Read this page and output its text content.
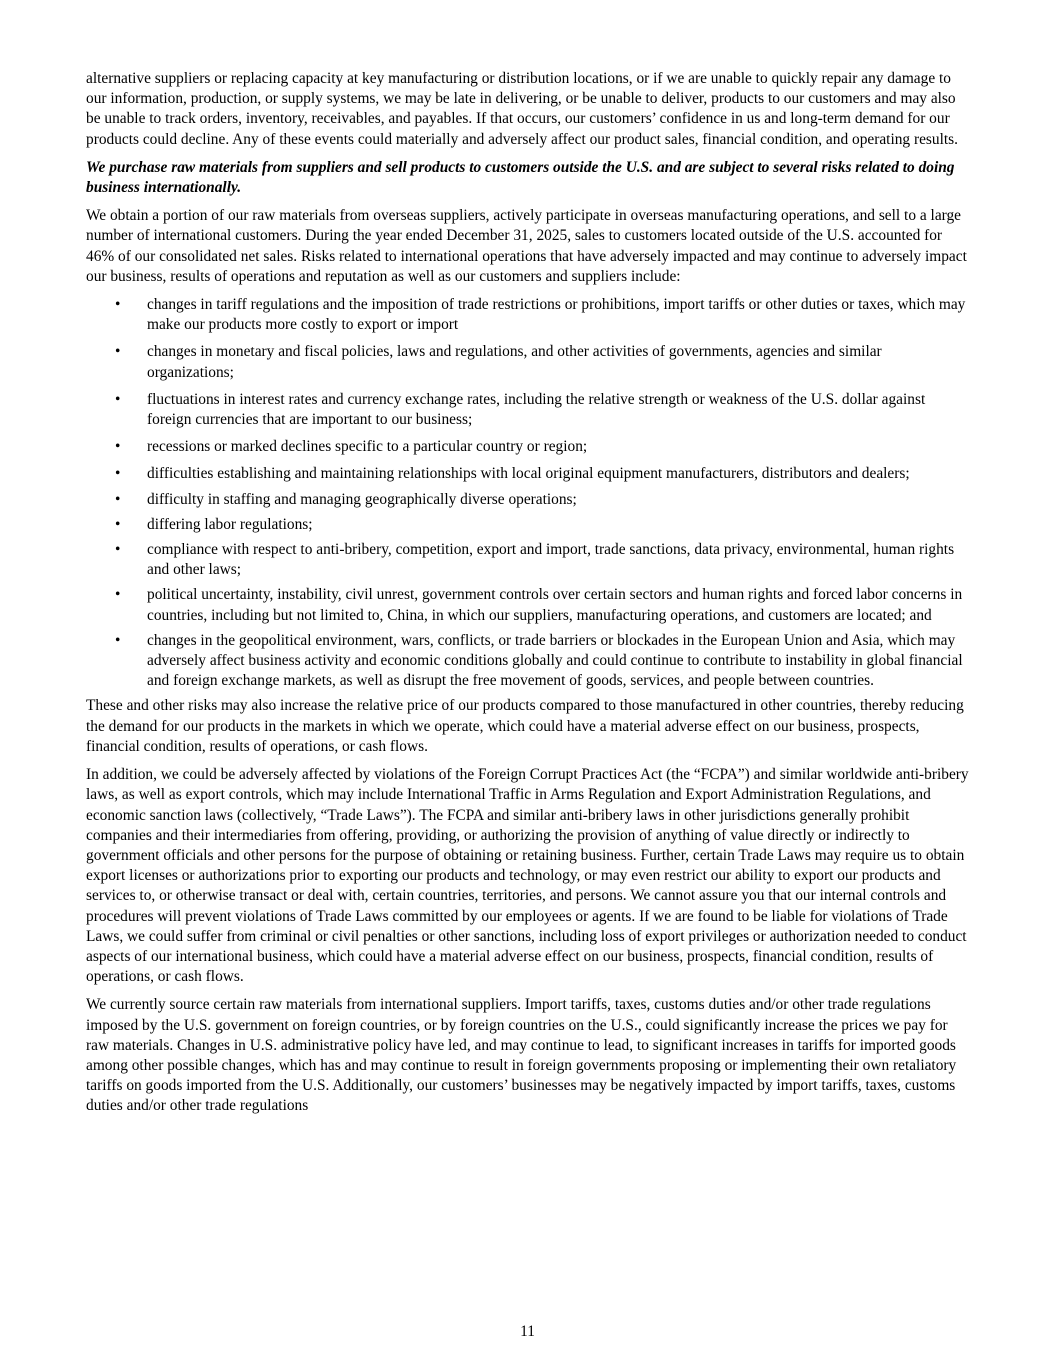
alternative suppliers or replacing capacity at key manufacturing or distribution locations, or if we are unable to quickly repair any damage to our information, production, or supply systems, we may be late in delivering, or be unable to deliver, products to our customers and may also be unable to track orders, inventory, receivables, and payables. If that occurs, our customers’ confidence in us and long-term demand for our products could decline. Any of these events could materially and adversely affect our product sales, financial condition, and operating results.

We purchase raw materials from suppliers and sell products to customers outside the U.S. and are subject to several risks related to doing business internationally.

We obtain a portion of our raw materials from overseas suppliers, actively participate in overseas manufacturing operations, and sell to a large number of international customers. During the year ended December 31, 2025, sales to customers located outside of the U.S. accounted for 46% of our consolidated net sales. Risks related to international operations that have adversely impacted and may continue to adversely impact our business, results of operations and reputation as well as our customers and suppliers include:

• changes in tariff regulations and the imposition of trade restrictions or prohibitions, import tariffs or other duties or taxes, which may make our products more costly to export or import
• changes in monetary and fiscal policies, laws and regulations, and other activities of governments, agencies and similar organizations;
• fluctuations in interest rates and currency exchange rates, including the relative strength or weakness of the U.S. dollar against foreign currencies that are important to our business;
• recessions or marked declines specific to a particular country or region;
• difficulties establishing and maintaining relationships with local original equipment manufacturers, distributors and dealers;
• difficulty in staffing and managing geographically diverse operations;
• differing labor regulations;
• compliance with respect to anti-bribery, competition, export and import, trade sanctions, data privacy, environmental, human rights and other laws;
• political uncertainty, instability, civil unrest, government controls over certain sectors and human rights and forced labor concerns in countries, including but not limited to, China, in which our suppliers, manufacturing operations, and customers are located; and
• changes in the geopolitical environment, wars, conflicts, or trade barriers or blockades in the European Union and Asia, which may adversely affect business activity and economic conditions globally and could continue to contribute to instability in global financial and foreign exchange markets, as well as disrupt the free movement of goods, services, and people between countries.

These and other risks may also increase the relative price of our products compared to those manufactured in other countries, thereby reducing the demand for our products in the markets in which we operate, which could have a material adverse effect on our business, prospects, financial condition, results of operations, or cash flows.

In addition, we could be adversely affected by violations of the Foreign Corrupt Practices Act (the “FCPA”) and similar worldwide anti-bribery laws, as well as export controls, which may include International Traffic in Arms Regulation and Export Administration Regulations, and economic sanction laws (collectively, “Trade Laws”). The FCPA and similar anti-bribery laws in other jurisdictions generally prohibit companies and their intermediaries from offering, providing, or authorizing the provision of anything of value directly or indirectly to government officials and other persons for the purpose of obtaining or retaining business. Further, certain Trade Laws may require us to obtain export licenses or authorizations prior to exporting our products and technology, or may even restrict our ability to export our products and services to, or otherwise transact or deal with, certain countries, territories, and persons. We cannot assure you that our internal controls and procedures will prevent violations of Trade Laws committed by our employees or agents. If we are found to be liable for violations of Trade Laws, we could suffer from criminal or civil penalties or other sanctions, including loss of export privileges or authorization needed to conduct aspects of our international business, which could have a material adverse effect on our business, prospects, financial condition, results of operations, or cash flows.

We currently source certain raw materials from international suppliers. Import tariffs, taxes, customs duties and/or other trade regulations imposed by the U.S. government on foreign countries, or by foreign countries on the U.S., could significantly increase the prices we pay for raw materials. Changes in U.S. administrative policy have led, and may continue to lead, to significant increases in tariffs for imported goods among other possible changes, which has and may continue to result in foreign governments proposing or implementing their own retaliatory tariffs on goods imported from the U.S. Additionally, our customers’ businesses may be negatively impacted by import tariffs, taxes, customs duties and/or other trade regulations

11
